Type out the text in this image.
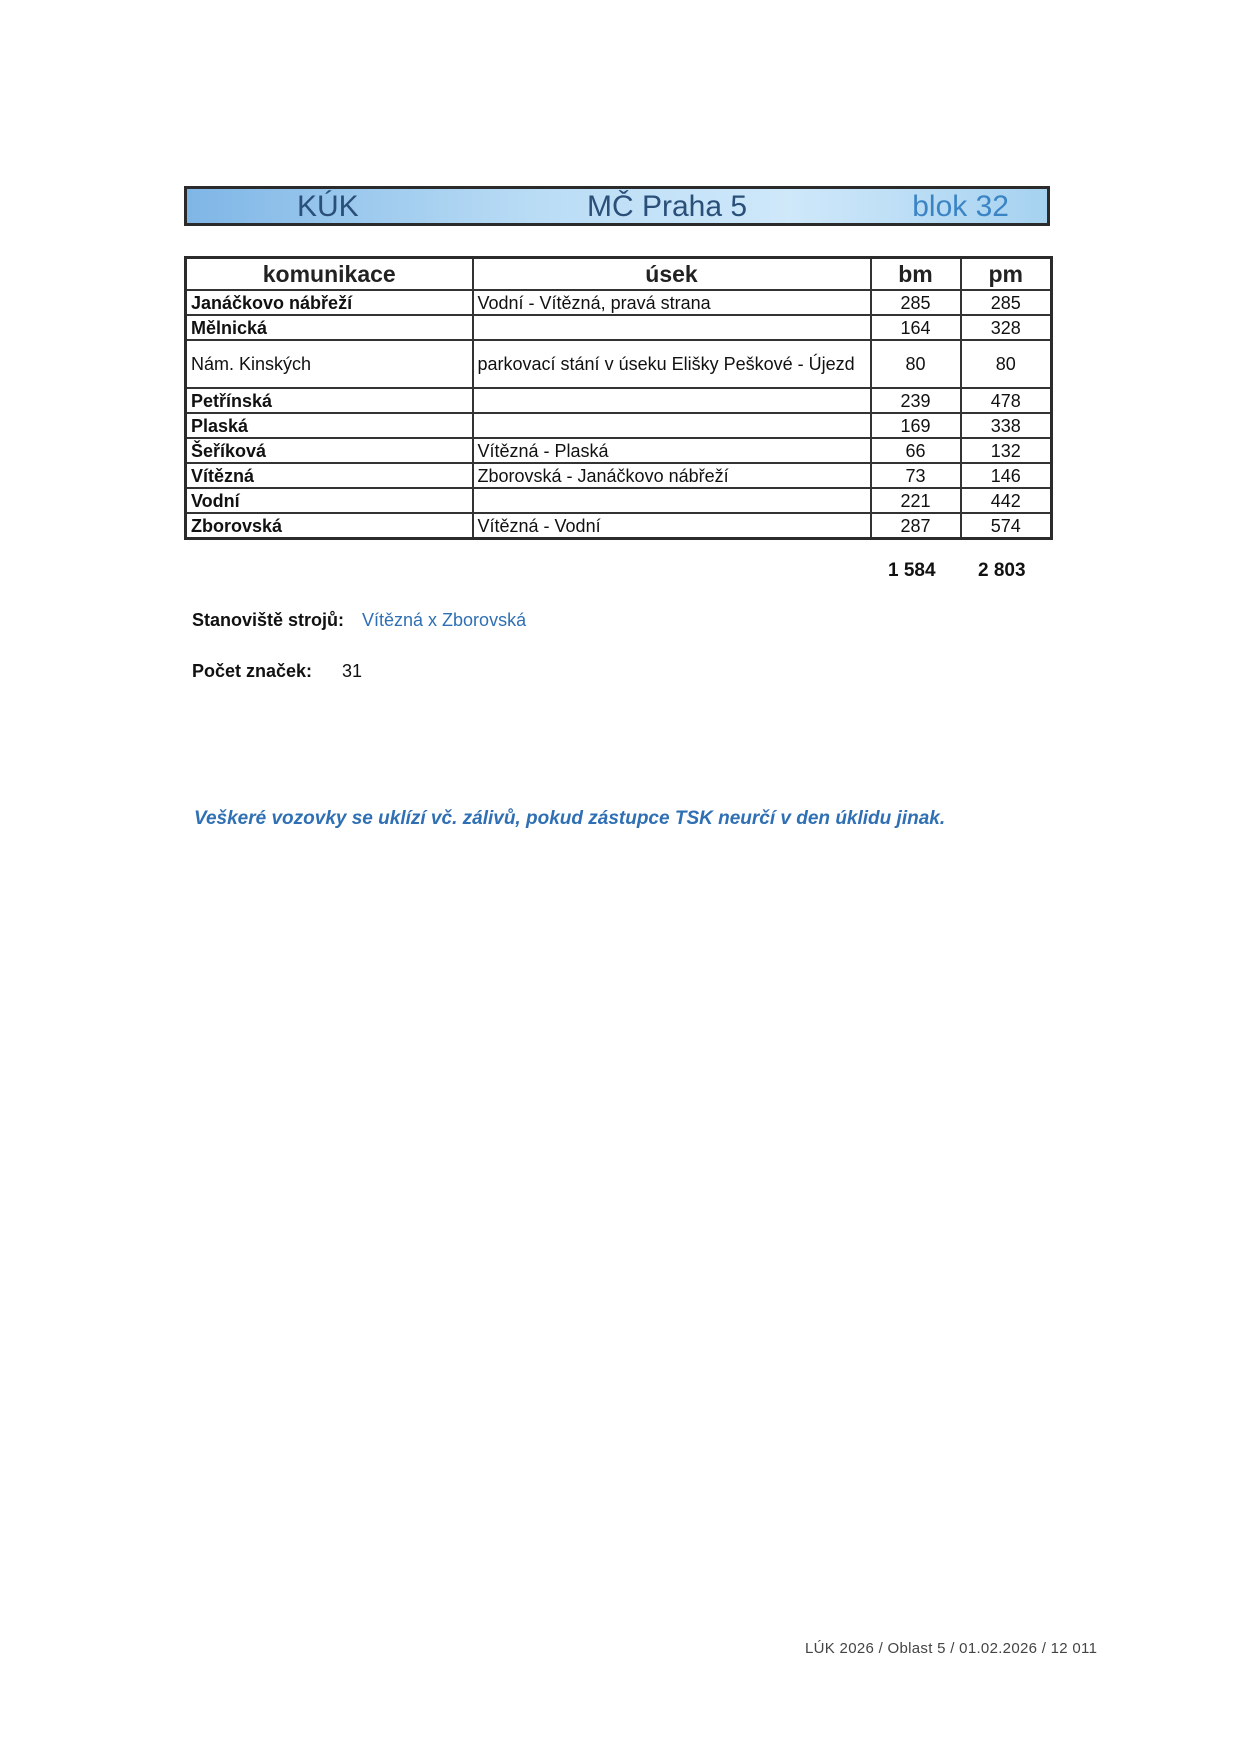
KÚK	MČ Praha 5	blok 32
komunikace	úsek	bm	pm
Janáčkovo nábřeží	Vodní - Vítězná, pravá strana	285	285
Mělnická		164	328
Nám. Kinských	parkovací stání v úseku Elišky Peškové - Újezd	80	80
Petřínská		239	478
Plaská		169	338
Šeříková	Vítězná - Plaská	66	132
Vítězná	Zborovská - Janáčkovo nábřeží	73	146
Vodní		221	442
Zborovská	Vítězná - Vodní	287	574
1 584 2 803
Stanoviště strojů: Vítězná x Zborovská
Počet značek: 31
Veškeré vozovky se uklízí vč. zálivů, pokud zástupce TSK neurčí v den úklidu jinak.
LÚK 2026 / Oblast 5 / 01.02.2026 / 12 011
